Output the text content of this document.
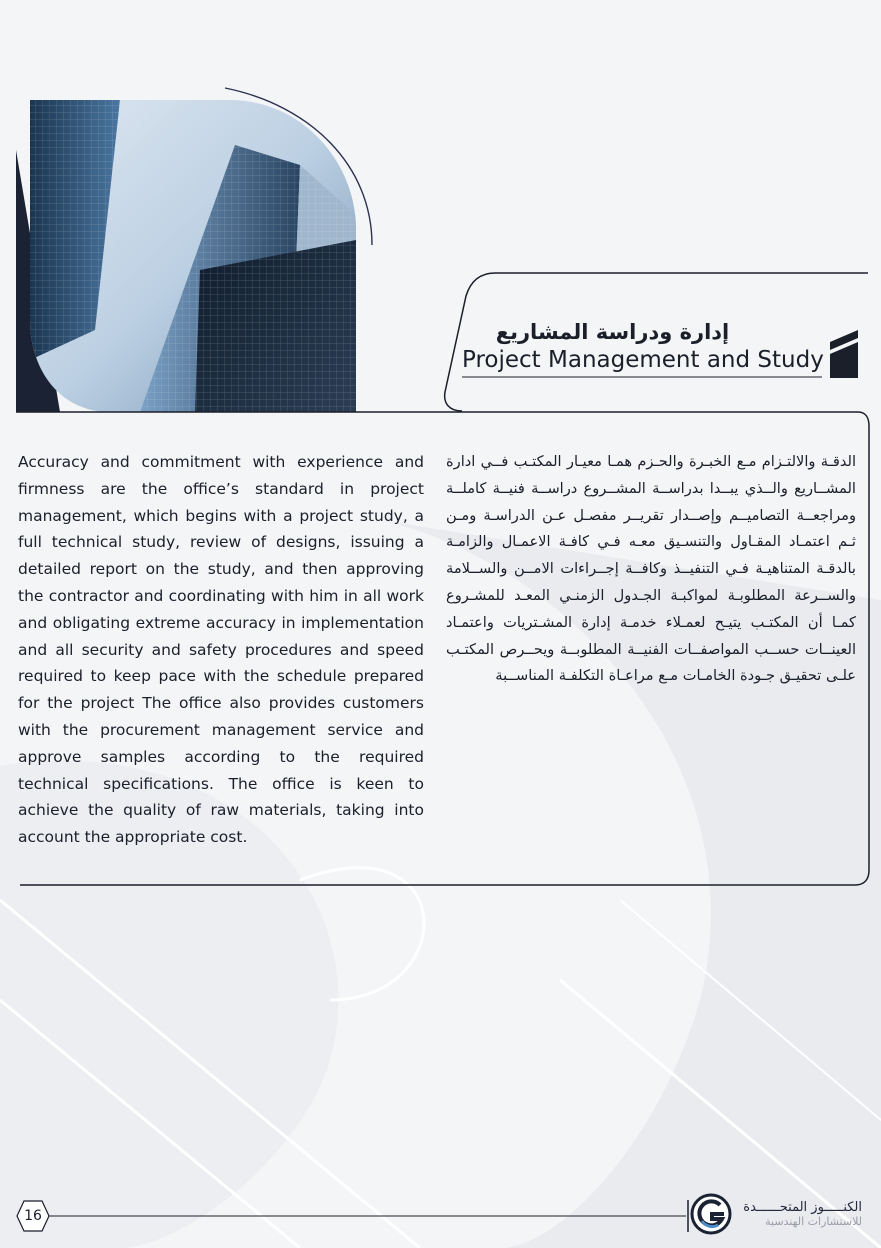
إدارة ودراسة المشاريع
Project Management and Study

Accuracy and commitment with experience and firmness are the office’s standard in project management, which begins with a project study, a full technical study, review of designs, issuing a detailed report on the study, and then approving the contractor and coordinating with him in all work and obligating extreme accuracy in implementation and all security and safety procedures and speed required to keep pace with the schedule prepared for the project The office also provides customers with the procurement management service and approve samples according to the required technical specifications. The office is keen to achieve the quality of raw materials, taking into account the appropriate cost.

الدقـة والالتـزام مـع الخبـرة والحـزم همـا معيـار المكتـب فــي ادارة المشــاريع والــذي يبــدا بدراســة المشــروع دراســة فنيــة كاملــة ومراجعــة التصاميــم وإصــدار تقريــر مفصـل عـن الدراسـة ومـن ثـم اعتمـاد المقـاول والتنسـيق معـه فـي كافـة الاعمـال والزامـة بالدقـة المتناهيـة فـي التنفيــذ وكافــة إجــراءات الامــن والســلامة والســرعة المطلوبـة لمواكبـة الجـدول الزمنـي المعـد للمشـروع كمـا أن المكتـب يتيـح لعمـلاء خدمـة إدارة المشـتريات واعتمـاد العينــات حســب المواصفــات الفنيــة المطلوبــة ويحــرص المكتـب علـى تحقيـق جـودة الخامـات مـع مراعـاة التكلفـة المناســبة

16
الكنـــــوز المتحــــــدة
للاستشارات الهندسية
